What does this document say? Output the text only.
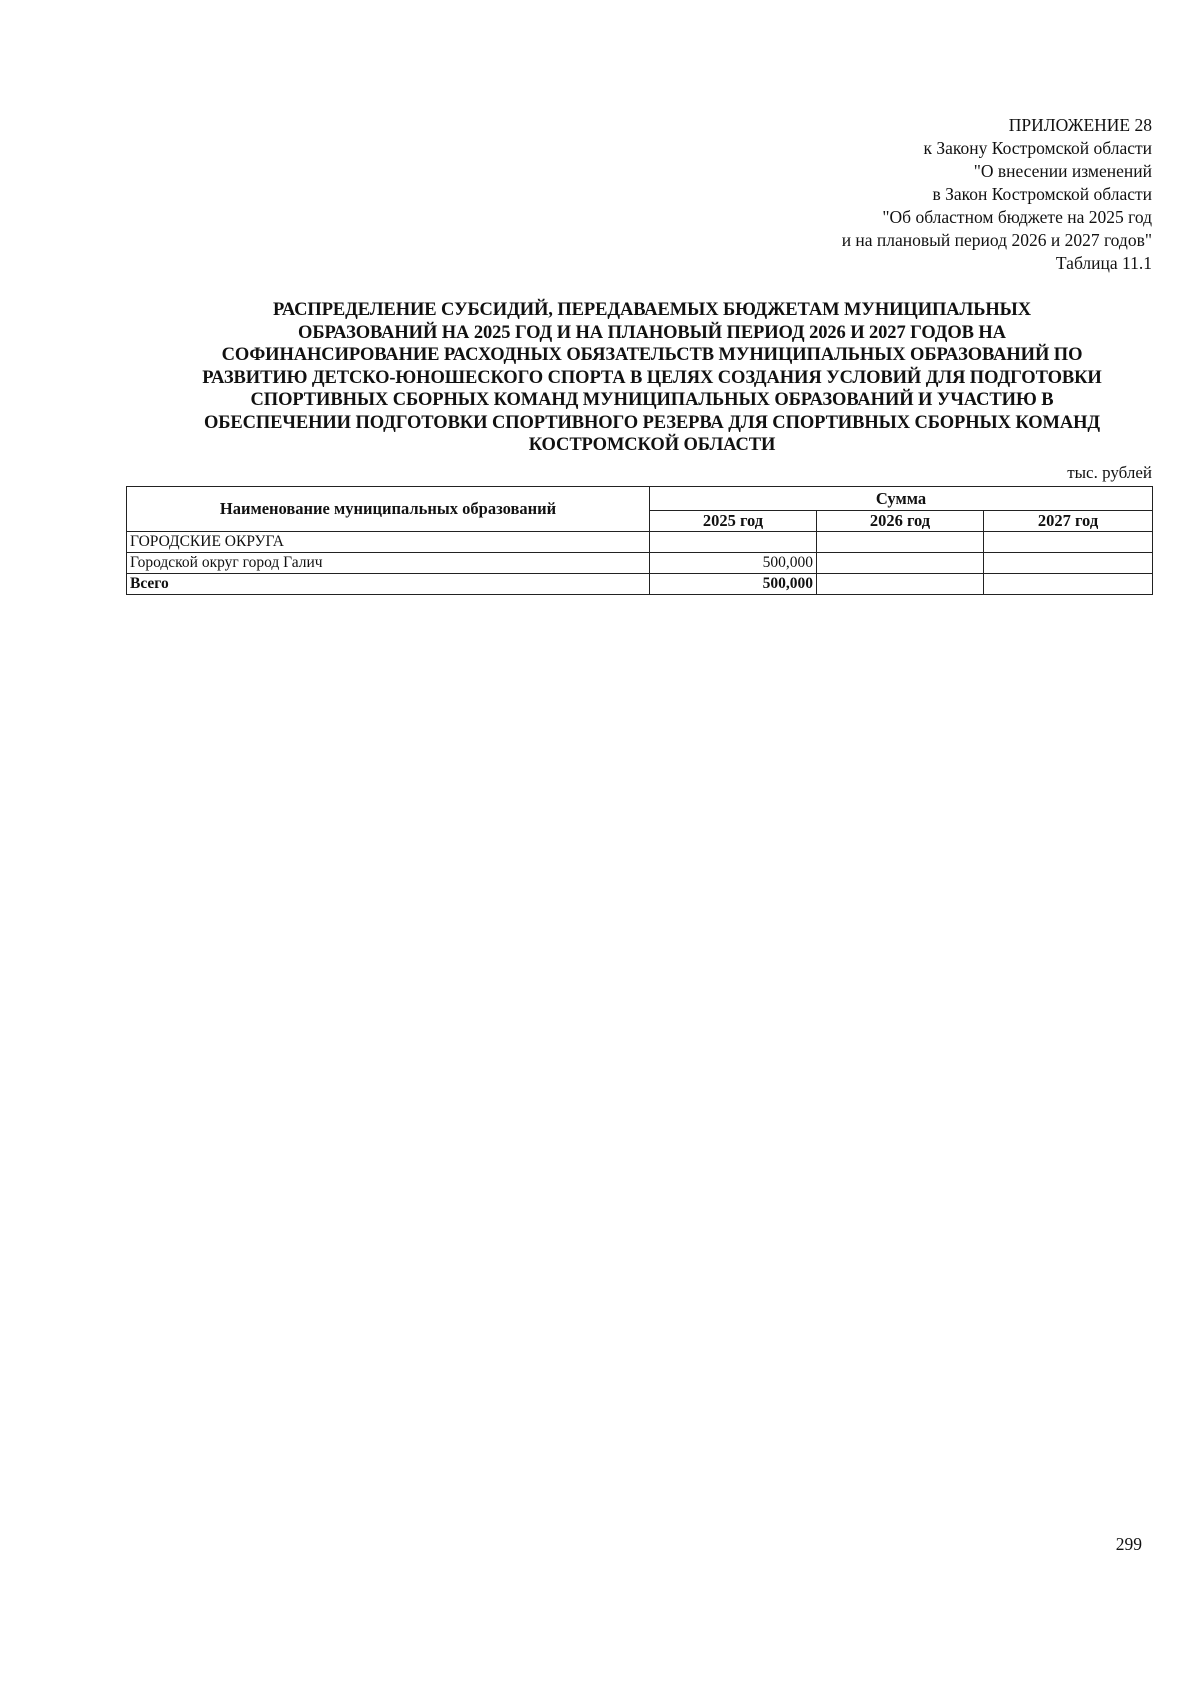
ПРИЛОЖЕНИЕ 28
к Закону Костромской области
"О внесении изменений
в Закон Костромской области
"Об областном бюджете на 2025 год
и на плановый период 2026 и 2027 годов"
Таблица 11.1
РАСПРЕДЕЛЕНИЕ СУБСИДИЙ, ПЕРЕДАВАЕМЫХ БЮДЖЕТАМ МУНИЦИПАЛЬНЫХ
ОБРАЗОВАНИЙ НА 2025 ГОД И НА ПЛАНОВЫЙ ПЕРИОД 2026 И 2027 ГОДОВ НА
СОФИНАНСИРОВАНИЕ РАСХОДНЫХ ОБЯЗАТЕЛЬСТВ МУНИЦИПАЛЬНЫХ ОБРАЗОВАНИЙ ПО
РАЗВИТИЮ ДЕТСКО-ЮНОШЕСКОГО СПОРТА В ЦЕЛЯХ СОЗДАНИЯ УСЛОВИЙ ДЛЯ ПОДГОТОВКИ
СПОРТИВНЫХ СБОРНЫХ КОМАНД МУНИЦИПАЛЬНЫХ ОБРАЗОВАНИЙ И УЧАСТИЮ В
ОБЕСПЕЧЕНИИ ПОДГОТОВКИ СПОРТИВНОГО РЕЗЕРВА ДЛЯ СПОРТИВНЫХ СБОРНЫХ КОМАНД
КОСТРОМСКОЙ ОБЛАСТИ
тыс. рублей
Наименование муниципальных образований	Сумма		
	2025 год	2026 год	2027 год
ГОРОДСКИЕ ОКРУГА			
Городской округ город Галич	500,000		
Всего	500,000		
299
